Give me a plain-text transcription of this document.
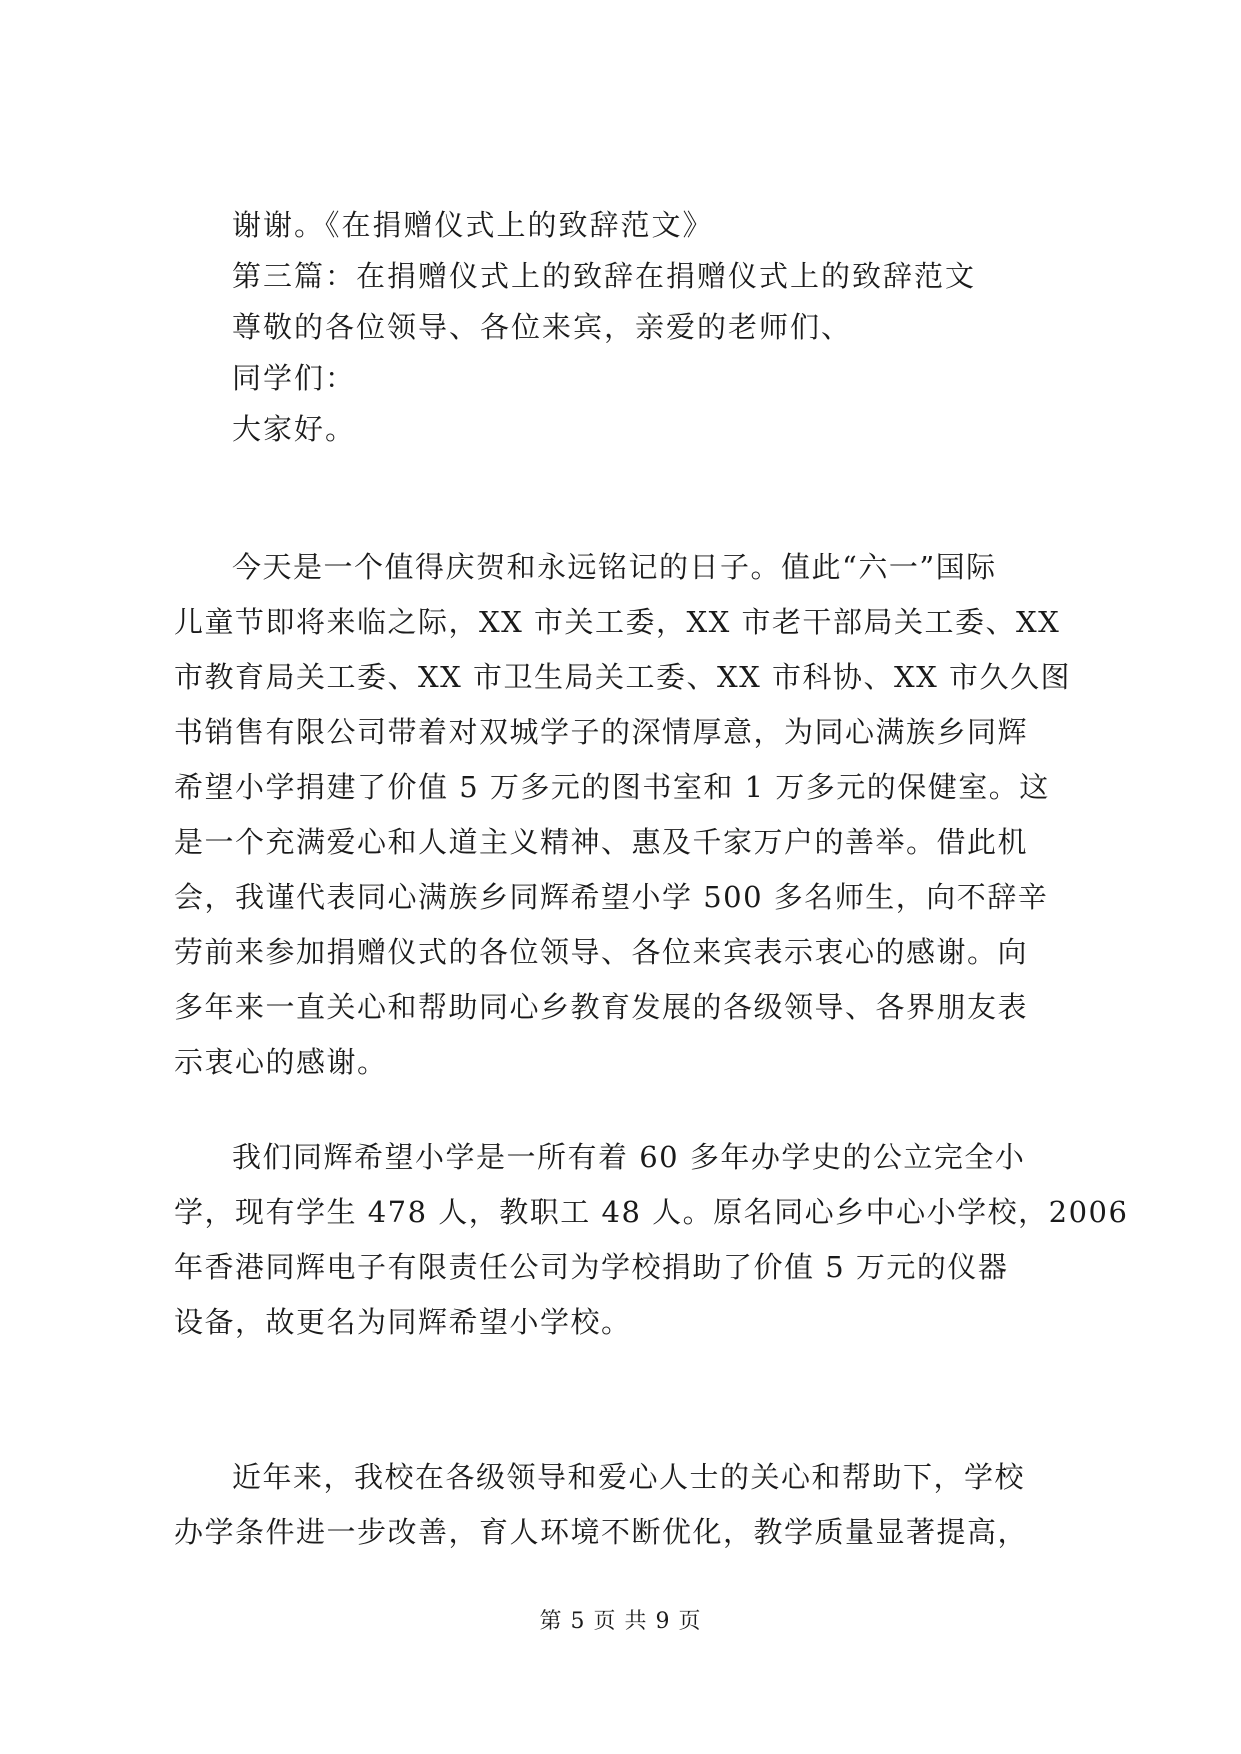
谢谢。《在捐赠仪式上的致辞范文》
第三篇：在捐赠仪式上的致辞在捐赠仪式上的致辞范文
尊敬的各位领导、各位来宾，亲爱的老师们、
同学们：
大家好。
今天是一个值得庆贺和永远铭记的日子。值此“六一”国际
儿童节即将来临之际，XX 市关工委，XX 市老干部局关工委、XX
市教育局关工委、XX 市卫生局关工委、XX 市科协、XX 市久久图
书销售有限公司带着对双城学子的深情厚意，为同心满族乡同辉
希望小学捐建了价值 5 万多元的图书室和 1 万多元的保健室。这
是一个充满爱心和人道主义精神、惠及千家万户的善举。借此机
会，我谨代表同心满族乡同辉希望小学 500 多名师生，向不辞辛
劳前来参加捐赠仪式的各位领导、各位来宾表示衷心的感谢。向
多年来一直关心和帮助同心乡教育发展的各级领导、各界朋友表
示衷心的感谢。
我们同辉希望小学是一所有着 60 多年办学史的公立完全小
学，现有学生 478 人，教职工 48 人。原名同心乡中心小学校，2006
年香港同辉电子有限责任公司为学校捐助了价值 5 万元的仪器
设备，故更名为同辉希望小学校。
近年来，我校在各级领导和爱心人士的关心和帮助下，学校
办学条件进一步改善，育人环境不断优化，教学质量显著提高，
第 5 页 共 9 页
